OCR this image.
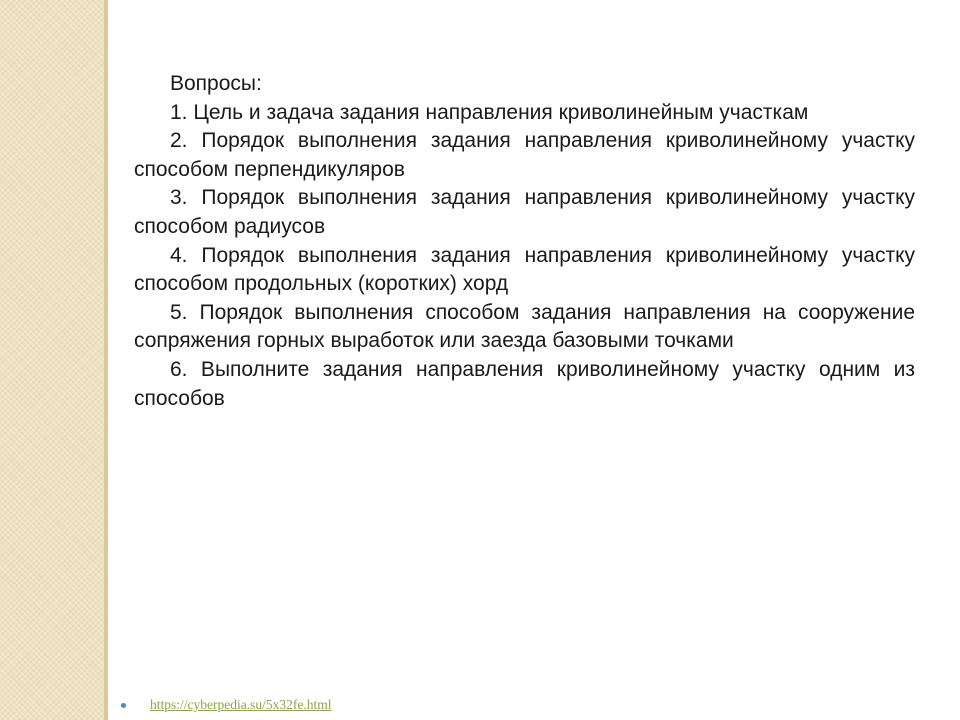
Вопросы:

1. Цель и задача задания направления криволинейным участкам

2. Порядок выполнения задания направления криволинейному участку способом перпендикуляров

3. Порядок выполнения задания направления криволинейному участку способом радиусов

4. Порядок выполнения задания направления криволинейному участку способом продольных (коротких) хорд

5. Порядок выполнения способом задания направления на сооружение сопряжения горных выработок или заезда базовыми точками

6. Выполните задания направления криволинейному участку одним из способов

https://cyberpedia.su/5x32fe.html
